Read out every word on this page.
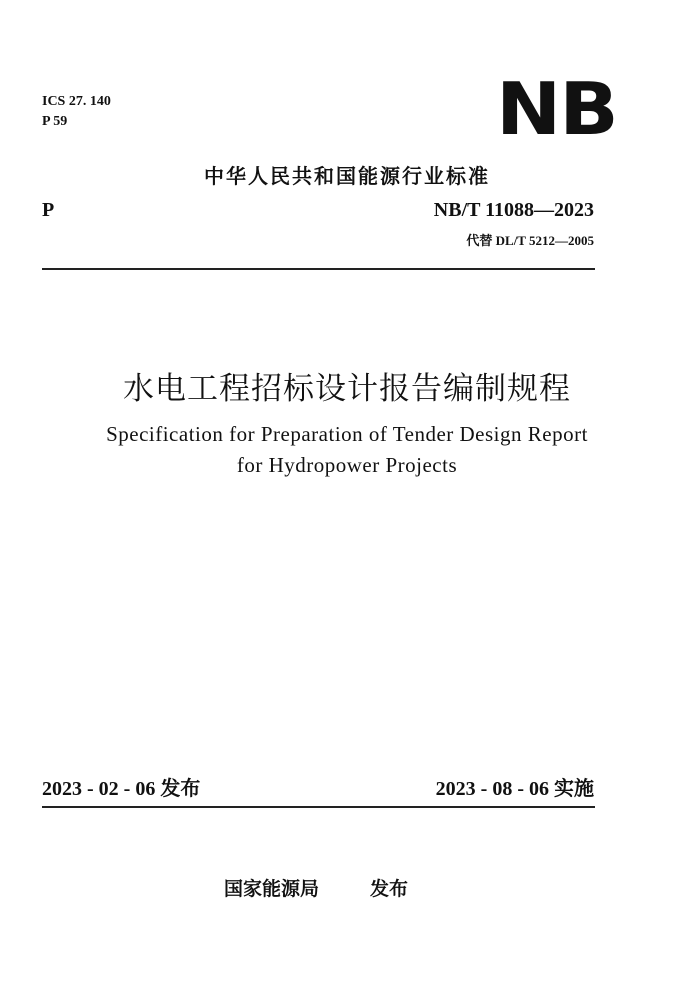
ICS 27. 140
P 59	NB
中华人民共和国能源行业标准
P	NB/T 11088—2023
代替 DL/T 5212—2005
水电工程招标设计报告编制规程
Specification for Preparation of Tender Design Report
for Hydropower Projects
2023 - 02 - 06 发布	2023 - 08 - 06 实施
国家能源局	发布
